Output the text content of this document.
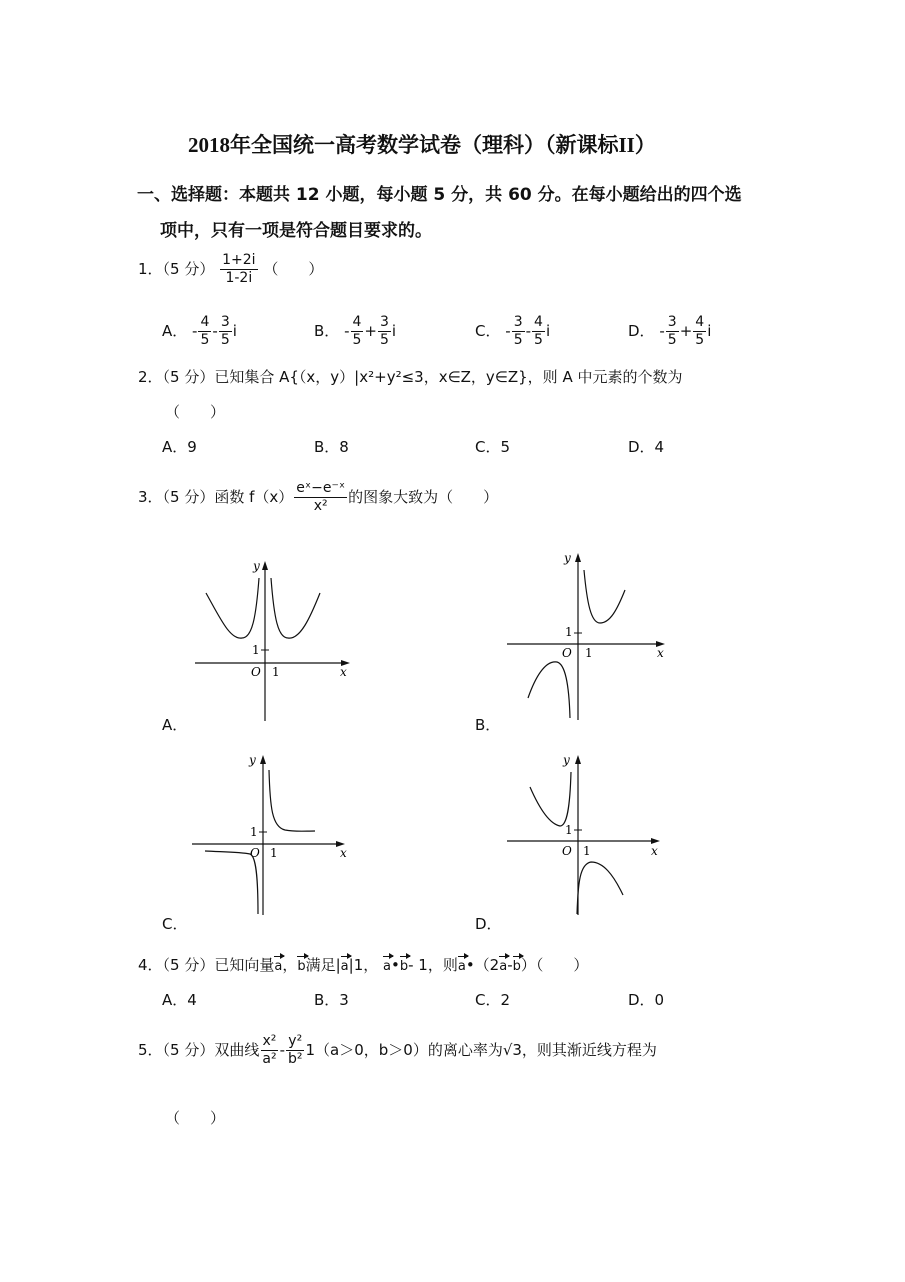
2018年全国统一高考数学试卷（理科）（新课标II）
一、选择题：本题共 12 小题，每小题 5 分，共 60 分。在每小题给出的四个选
项中，只有一项是符合题目要求的。
1．（5 分） $\frac{1+2i}{1-2i}$ （　　）
A． - $\frac{4}{5} - \frac{3}{5}$ i	B． - $\frac{4}{5} + \frac{3}{5}$ i	C． - $\frac{3}{5} - \frac{4}{5}$ i	D． - $\frac{3}{5} + \frac{4}{5}$ i
2．（5 分）已知集合 A{（x，y）|x²+y²≤3，x∈Z，y∈Z}，则 A 中元素的个数为
（　　）
A．9	B．8	C．5	D．4
3．（5 分）函数 $f(x) \frac{\text{eˣ−e⁻ˣ}}{\text{x²}}$ 的图象大致为（　　）
x
y
O 1
1
A．
x
y
O 1
1
B．
x
y
O 1
1
C．
x
y
O 1
1
D．
4．（5 分）已知向量a，b满足|a|1， a•b- 1，则a•（2a-b）（　　）
A．4	B．3	C．2	D．0
5．（5 分）双曲线 $\frac{\text{x²}}{\text{a²}} - \frac{\text{y²}}{\text{b²}} 1(a>0$，b＞0）的离心率为√3，则其渐近线方程为
（　　）
